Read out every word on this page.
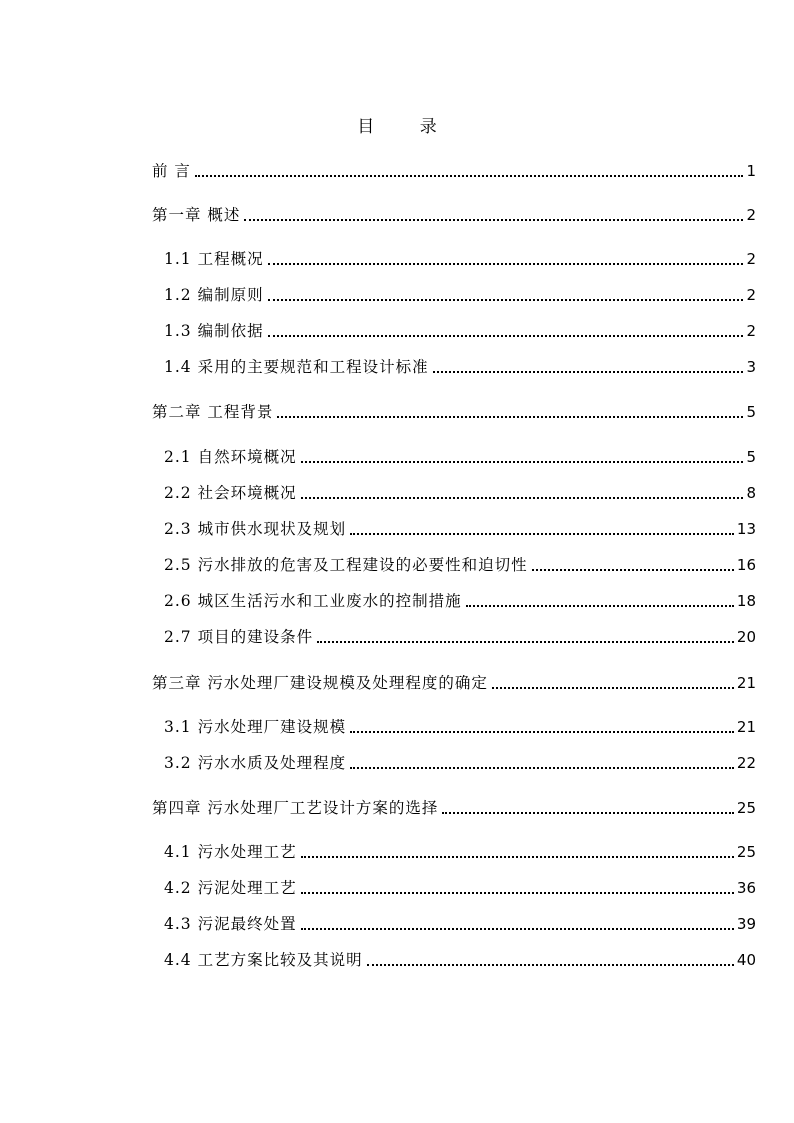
目 录
前 言	1
第一章 概述	2
1.1 工程概况	2
1.2 编制原则	2
1.3 编制依据	2
1.4 采用的主要规范和工程设计标准	3
第二章 工程背景	5
2.1 自然环境概况	5
2.2 社会环境概况	8
2.3 城市供水现状及规划	13
2.5 污水排放的危害及工程建设的必要性和迫切性	16
2.6 城区生活污水和工业废水的控制措施	18
2.7 项目的建设条件	20
第三章 污水处理厂建设规模及处理程度的确定	21
3.1 污水处理厂建设规模	21
3.2 污水水质及处理程度	22
第四章 污水处理厂工艺设计方案的选择	25
4.1 污水处理工艺	25
4.2 污泥处理工艺	36
4.3 污泥最终处置	39
4.4 工艺方案比较及其说明	40
